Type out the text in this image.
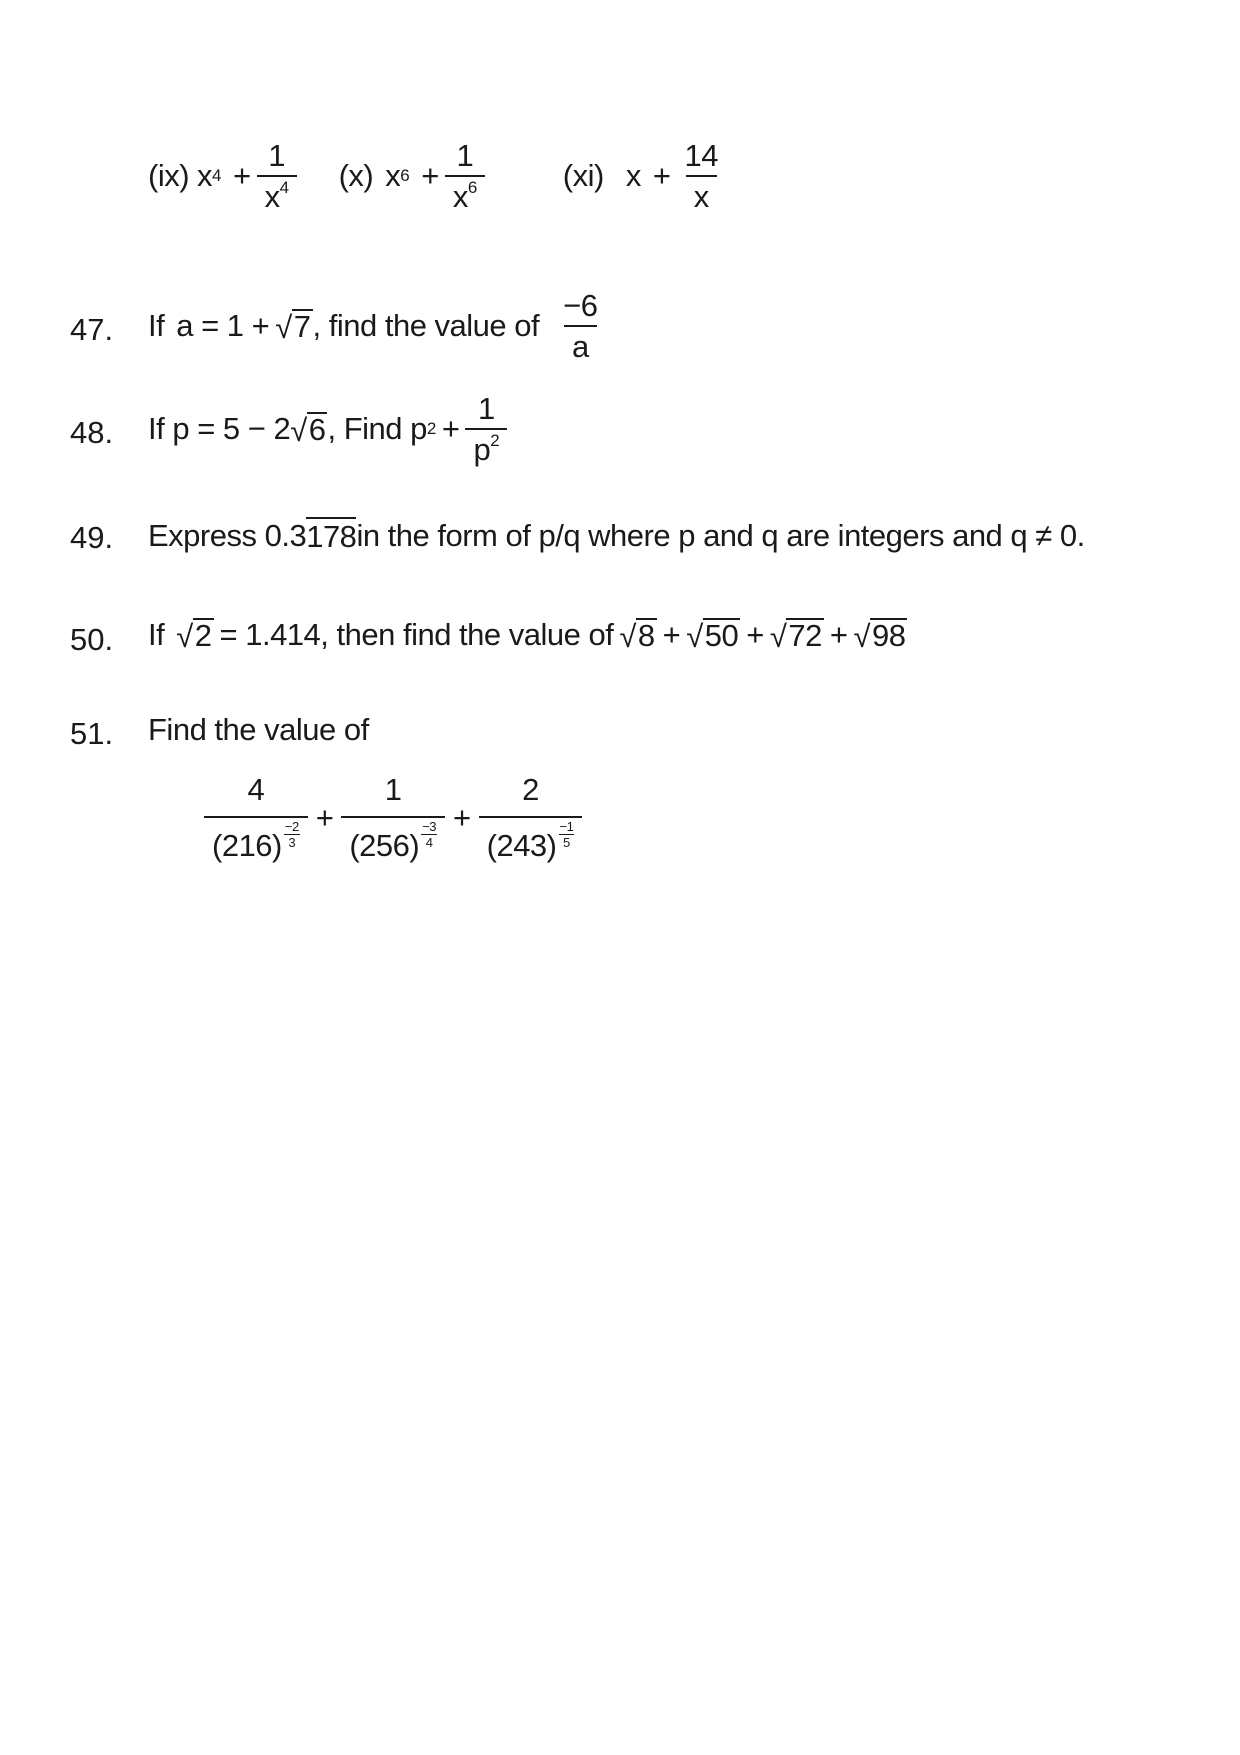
(ix) x $4 + \frac{1}{x^4} (x)$ x $6 + \frac{1}{x^6}$	(xi) $x + \frac{14}{x}$
47. If a = 1 + √ 7 , find the value of $\frac{-6}{a}$
48. If p = 5 − 2 √ 6 , Find p $2 + \frac{1}{p^2}$
49. Express 0.3 178 in the form of p/q where p and q are integers and q ≠ 0.
50. If √ 2 = 1.414, then find the value of √ 8 + √ 50 + √ 72 + √ 98
51. Find the value of
4
(216)
−2
3 + 1
(256)
−3
4 + 2
(243)
−1
5
